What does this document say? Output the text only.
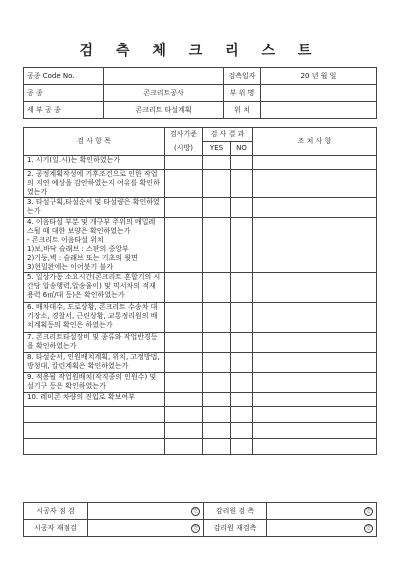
검 측 체 크 리 스 트
공종 Code No.		검측일자	20 년 월 일
공 종	콘크리트공사	부 위 명	
세 부 공 종	콘크리트 타설계획	위 치	
검 사 항 목	검사기준	검 사 결 과		조 치 사 항
	(시방)	YES	NO	
1. 시기(일.시)는 확인하였는가				
2. 공정계획작성에 기후조건으로 인한 작업의 지연 예상을 감안하였는지 여유를 확인하였는가				
3. 타설구획,타설순서 및 타설량은 확인하였는가				
4. 이음타설 부분 및 개구부 주위의 매밀레스될 때 대한 보양은 확인하였는가
- 콘크리트 이음타설 위치
1)보,바닥 슬래브 : 스판의 중앙부
2)기둥,벽 : 슬래브 또는 기초의 윗면
3)현밀완에는 이어붓기 불가				
5. 일상가동 소요시간(콘크리트 혼합기의 시간당 압송행력,압송율이) 및 믹서차의 적재용력 6㎥/대 등)은 확인하였는가				
6. 배차대수, 도로상황, 콘크리트 수송차 대기장소, 경찰서, 근린상황, 교통정리원의 배치계획등의 확인은 하였는가				
7. 콘크리트타설장비 및 종류와 작업반경등을 확인하였는가				
8. 타설순서, 인원배치계획, 위치, 고정방법, 방청대, 칼린계획은 확인하였는가				
9. 적용될 작업원배치(작직종의 인원수) 및 설기구 등은 확인하였는가				
10. 레미콘 차량의 진입로 확보여부				

시공자 점 검	인	감리원 검 측	인
시공자 재점검	인	감리원 재검측	인
